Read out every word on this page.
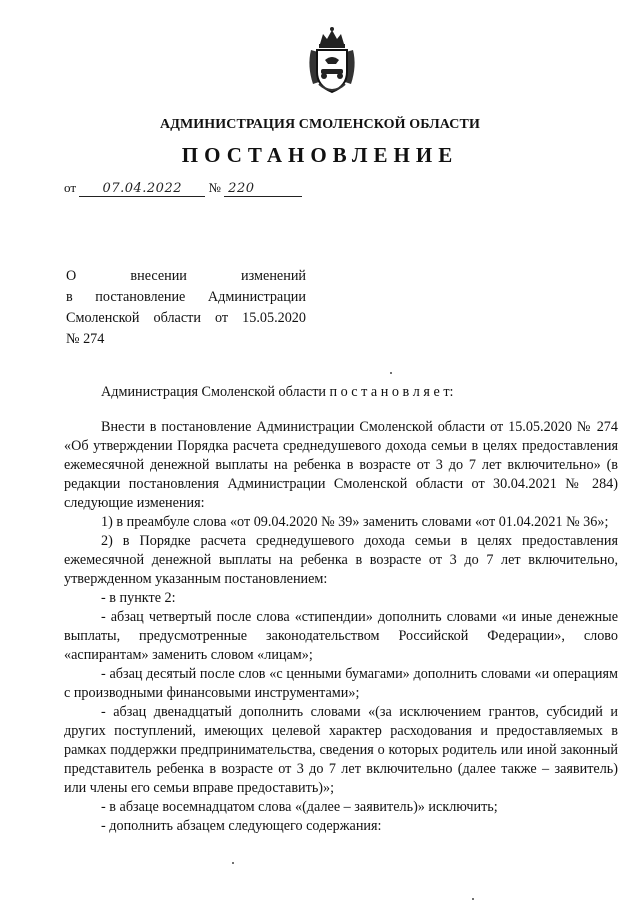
АДМИНИСТРАЦИЯ СМОЛЕНСКОЙ ОБЛАСТИ
ПОСТАНОВЛЕНИЕ
от 07.04.2022 № 220
О внесении изменений
в постановление Администрации
Смоленской области от 15.05.2020
№ 274
Администрация Смоленской области п о с т а н о в л я е т:

Внести в постановление Администрации Смоленской области от 15.05.2020 № 274 «Об утверждении Порядка расчета среднедушевого дохода семьи в целях предоставления ежемесячной денежной выплаты на ребенка в возрасте от 3 до 7 лет включительно» (в редакции постановления Администрации Смоленской области от 30.04.2021 № 284) следующие изменения:

1) в преамбуле слова «от 09.04.2020 № 39» заменить словами «от 01.04.2021 № 36»;

2) в Порядке расчета среднедушевого дохода семьи в целях предоставления ежемесячной денежной выплаты на ребенка в возрасте от 3 до 7 лет включительно, утвержденном указанным постановлением:

- в пункте 2:

- абзац четвертый после слова «стипендии» дополнить словами «и иные денежные выплаты, предусмотренные законодательством Российской Федерации», слово «аспирантам» заменить словом «лицам»;

- абзац десятый после слов «с ценными бумагами» дополнить словами «и операциям с производными финансовыми инструментами»;

- абзац двенадцатый дополнить словами «(за исключением грантов, субсидий и других поступлений, имеющих целевой характер расходования и предоставляемых в рамках поддержки предпринимательства, сведения о которых родитель или иной законный представитель ребенка в возрасте от 3 до 7 лет включительно (далее также – заявитель) или члены его семьи вправе предоставить)»;

- в абзаце восемнадцатом слова «(далее – заявитель)» исключить;

- дополнить абзацем следующего содержания:
